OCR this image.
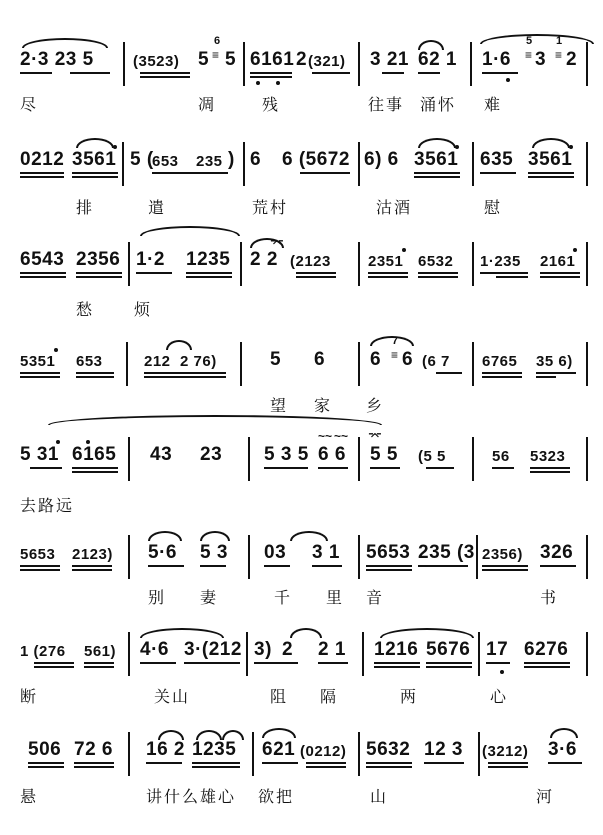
2·3 23 5	(3523) 5
6
≡ 5 6161 2 (321) 3 21 62 1 1·6
5
≡ 3
1
≡ 2
尽	凋	残	往事 涌怀 难
0212 3561 5 (
653 235 ) 6 6 (5672 6) 6 3561 635 3561
排	遣	荒村	沽酒	慰
6543 2356 1·2 1235 2 2
⌤
(2123 2351 6532 1·235 2161
愁 烦
5351 653	212 2 76)	5 6 6
7
≡ 6 (6 7 6765 35 6)
望 家 乡
5 31 6165 43 23 5 3 5 6 6
~~ ~~ ⌤
5 5 (5 5	56 5323
去路远
5653 2123) 5·6 5 3 03 3 1 5653 235 (3 2356) 326
别 妻	千 里 音	书
1 (276 561) 4·6 3·(212 3) 2 2 1 1216 5676 17 6276
断	关山	阻 隔	两	心
506 72 6 16 2 1235 621 (0212) 5632 12 3 (3212) 3·6
悬	讲什么雄心 欲把	山	河
